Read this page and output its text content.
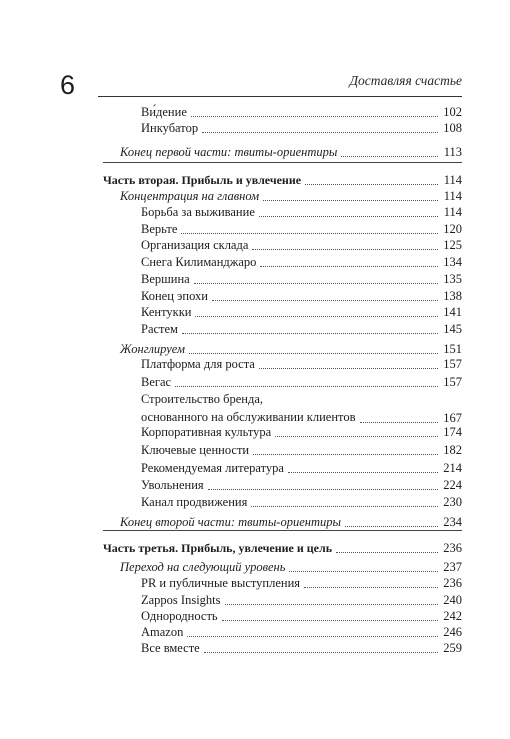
6	Доставляя счастье
Ви́дение	102
Инкубатор	108
Конец первой части: твиты-ориентиры	113
Часть вторая. Прибыль и увлечение	114
Концентрация на главном	114
Борьба за выживание	114
Верьте	120
Организация склада	125
Снега Килиманджаро	134
Вершина	135
Конец эпохи	138
Кентукки	141
Растем	145
Жонглируем	151
Платформа для роста	157
Вегас	157
Строительство бренда,
основанного на обслуживании клиентов	167
Корпоративная культура	174
Ключевые ценности	182
Рекомендуемая литература	214
Увольнения	224
Канал продвижения	230
Конец второй части: твиты-ориентиры	234
Часть третья. Прибыль, увлечение и цель	236
Переход на следующий уровень	237
PR и публичные выступления	236
Zappos Insights	240
Однородность	242
Amazon	246
Все вместе	259
